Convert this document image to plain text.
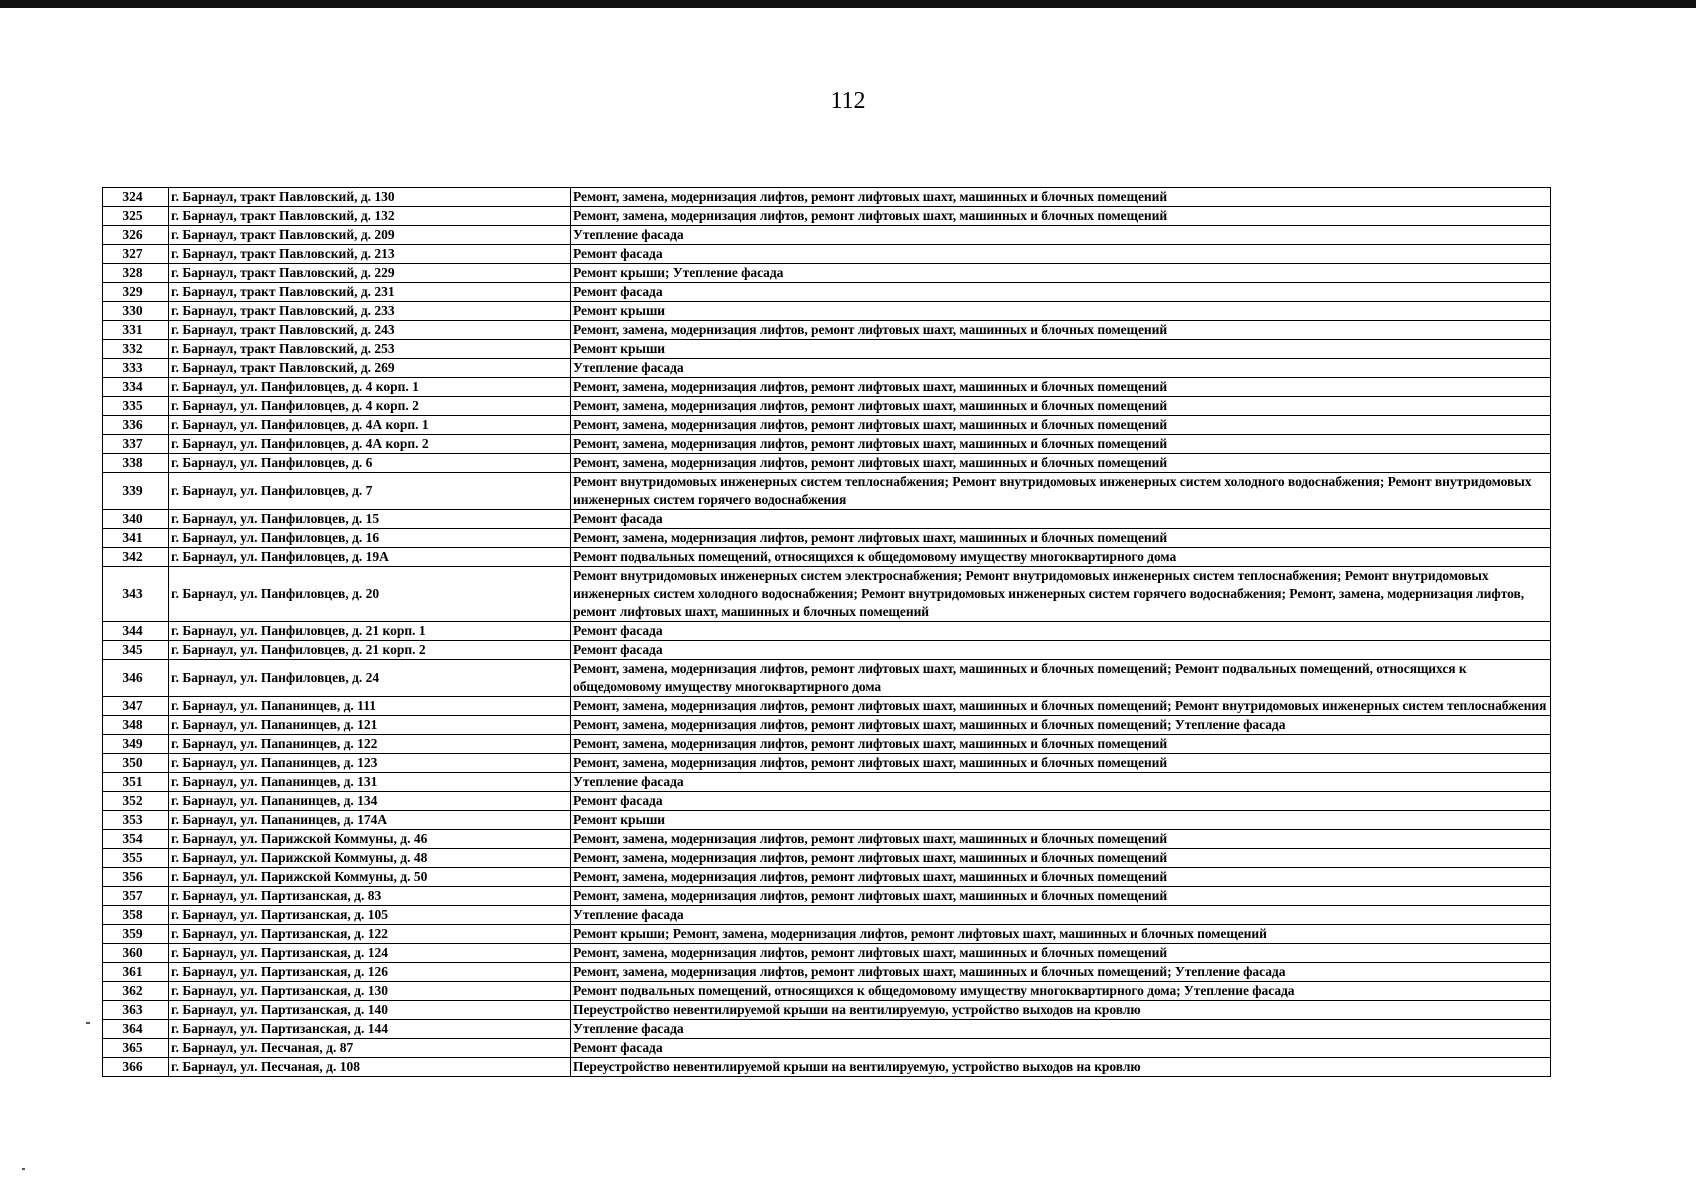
112
324	г. Барнаул, тракт Павловский, д. 130	Ремонт, замена, модернизация лифтов, ремонт лифтовых шахт, машинных и блочных помещений
325	г. Барнаул, тракт Павловский, д. 132	Ремонт, замена, модернизация лифтов, ремонт лифтовых шахт, машинных и блочных помещений
326	г. Барнаул, тракт Павловский, д. 209	Утепление фасада
327	г. Барнаул, тракт Павловский, д. 213	Ремонт фасада
328	г. Барнаул, тракт Павловский, д. 229	Ремонт крыши; Утепление фасада
329	г. Барнаул, тракт Павловский, д. 231	Ремонт фасада
330	г. Барнаул, тракт Павловский, д. 233	Ремонт крыши
331	г. Барнаул, тракт Павловский, д. 243	Ремонт, замена, модернизация лифтов, ремонт лифтовых шахт, машинных и блочных помещений
332	г. Барнаул, тракт Павловский, д. 253	Ремонт крыши
333	г. Барнаул, тракт Павловский, д. 269	Утепление фасада
334	г. Барнаул, ул. Панфиловцев, д. 4 корп. 1	Ремонт, замена, модернизация лифтов, ремонт лифтовых шахт, машинных и блочных помещений
335	г. Барнаул, ул. Панфиловцев, д. 4 корп. 2	Ремонт, замена, модернизация лифтов, ремонт лифтовых шахт, машинных и блочных помещений
336	г. Барнаул, ул. Панфиловцев, д. 4А корп. 1	Ремонт, замена, модернизация лифтов, ремонт лифтовых шахт, машинных и блочных помещений
337	г. Барнаул, ул. Панфиловцев, д. 4А корп. 2	Ремонт, замена, модернизация лифтов, ремонт лифтовых шахт, машинных и блочных помещений
338	г. Барнаул, ул. Панфиловцев, д. 6	Ремонт, замена, модернизация лифтов, ремонт лифтовых шахт, машинных и блочных помещений
339	г. Барнаул, ул. Панфиловцев, д. 7	Ремонт внутридомовых инженерных систем теплоснабжения; Ремонт внутридомовых инженерных систем холодного водоснабжения; Ремонт внутридомовых инженерных систем горячего водоснабжения
340	г. Барнаул, ул. Панфиловцев, д. 15	Ремонт фасада
341	г. Барнаул, ул. Панфиловцев, д. 16	Ремонт, замена, модернизация лифтов, ремонт лифтовых шахт, машинных и блочных помещений
342	г. Барнаул, ул. Панфиловцев, д. 19А	Ремонт подвальных помещений, относящихся к общедомовому имуществу многоквартирного дома
343	г. Барнаул, ул. Панфиловцев, д. 20	Ремонт внутридомовых инженерных систем электроснабжения; Ремонт внутридомовых инженерных систем теплоснабжения; Ремонт внутридомовых инженерных систем холодного водоснабжения; Ремонт внутридомовых инженерных систем горячего водоснабжения; Ремонт, замена, модернизация лифтов, ремонт лифтовых шахт, машинных и блочных помещений
344	г. Барнаул, ул. Панфиловцев, д. 21 корп. 1	Ремонт фасада
345	г. Барнаул, ул. Панфиловцев, д. 21 корп. 2	Ремонт фасада
346	г. Барнаул, ул. Панфиловцев, д. 24	Ремонт, замена, модернизация лифтов, ремонт лифтовых шахт, машинных и блочных помещений; Ремонт подвальных помещений, относящихся к общедомовому имуществу многоквартирного дома
347	г. Барнаул, ул. Папанинцев, д. 111	Ремонт, замена, модернизация лифтов, ремонт лифтовых шахт, машинных и блочных помещений; Ремонт внутридомовых инженерных систем теплоснабжения
348	г. Барнаул, ул. Папанинцев, д. 121	Ремонт, замена, модернизация лифтов, ремонт лифтовых шахт, машинных и блочных помещений; Утепление фасада
349	г. Барнаул, ул. Папанинцев, д. 122	Ремонт, замена, модернизация лифтов, ремонт лифтовых шахт, машинных и блочных помещений
350	г. Барнаул, ул. Папанинцев, д. 123	Ремонт, замена, модернизация лифтов, ремонт лифтовых шахт, машинных и блочных помещений
351	г. Барнаул, ул. Папанинцев, д. 131	Утепление фасада
352	г. Барнаул, ул. Папанинцев, д. 134	Ремонт фасада
353	г. Барнаул, ул. Папанинцев, д. 174А	Ремонт крыши
354	г. Барнаул, ул. Парижской Коммуны, д. 46	Ремонт, замена, модернизация лифтов, ремонт лифтовых шахт, машинных и блочных помещений
355	г. Барнаул, ул. Парижской Коммуны, д. 48	Ремонт, замена, модернизация лифтов, ремонт лифтовых шахт, машинных и блочных помещений
356	г. Барнаул, ул. Парижской Коммуны, д. 50	Ремонт, замена, модернизация лифтов, ремонт лифтовых шахт, машинных и блочных помещений
357	г. Барнаул, ул. Партизанская, д. 83	Ремонт, замена, модернизация лифтов, ремонт лифтовых шахт, машинных и блочных помещений
358	г. Барнаул, ул. Партизанская, д. 105	Утепление фасада
359	г. Барнаул, ул. Партизанская, д. 122	Ремонт крыши; Ремонт, замена, модернизация лифтов, ремонт лифтовых шахт, машинных и блочных помещений
360	г. Барнаул, ул. Партизанская, д. 124	Ремонт, замена, модернизация лифтов, ремонт лифтовых шахт, машинных и блочных помещений
361	г. Барнаул, ул. Партизанская, д. 126	Ремонт, замена, модернизация лифтов, ремонт лифтовых шахт, машинных и блочных помещений; Утепление фасада
362	г. Барнаул, ул. Партизанская, д. 130	Ремонт подвальных помещений, относящихся к общедомовому имуществу многоквартирного дома; Утепление фасада
363	г. Барнаул, ул. Партизанская, д. 140	Переустройство невентилируемой крыши на вентилируемую, устройство выходов на кровлю
364	г. Барнаул, ул. Партизанская, д. 144	Утепление фасада
365	г. Барнаул, ул. Песчаная, д. 87	Ремонт фасада
366	г. Барнаул, ул. Песчаная, д. 108	Переустройство невентилируемой крыши на вентилируемую, устройство выходов на кровлю
